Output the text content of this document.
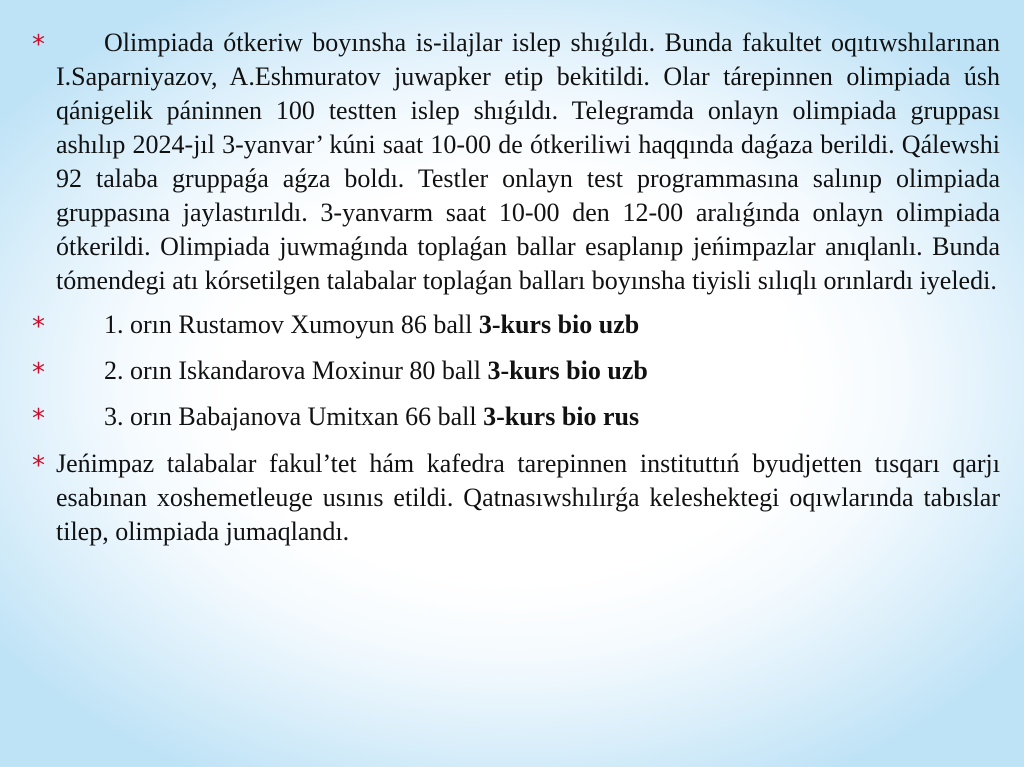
* Olimpiada ótkeriw boyınsha is-ilajlar islep shıǵıldı. Bunda fakultet oqıtıwshılarınan I.Saparniyazov, A.Eshmuratov juwapker etip bekitildi. Olar tárepinnen olimpiada úsh qánigelik páninnen 100 testten islep shıǵıldı. Telegramda onlayn olimpiada gruppası ashılıp 2024-jıl 3-yanvar’ kúni saat 10-00 de ótkeriliwi haqqında daǵaza berildi. Qálewshi 92 talaba gruppaǵa aǵza boldı. Testler onlayn test programmasına salınıp olimpiada gruppasına jaylastırıldı. 3-yanvarm saat 10-00 den 12-00 aralıǵında onlayn olimpiada ótkerildi. Olimpiada juwmaǵında toplaǵan ballar esaplanıp jeńimpazlar anıqlanlı. Bunda tómendegi atı kórsetilgen talabalar toplaǵan balları boyınsha tiyisli sılıqlı orınlardı iyeledi.
* 1. orın Rustamov Xumoyun 86 ball 3-kurs bio uzb
* 2. orın Iskandarova Moxinur 80 ball 3-kurs bio uzb
* 3. orın Babajanova Umitxan 66 ball 3-kurs bio rus
* Jeńimpaz talabalar fakul’tet hám kafedra tarepinnen instituttıń byudjetten tısqarı qarjı esabınan xoshemetleuge usınıs etildi. Qatnasıwshılırǵa keleshektegi oqıwlarında tabıslar tilep, olimpiada jumaqlandı.
